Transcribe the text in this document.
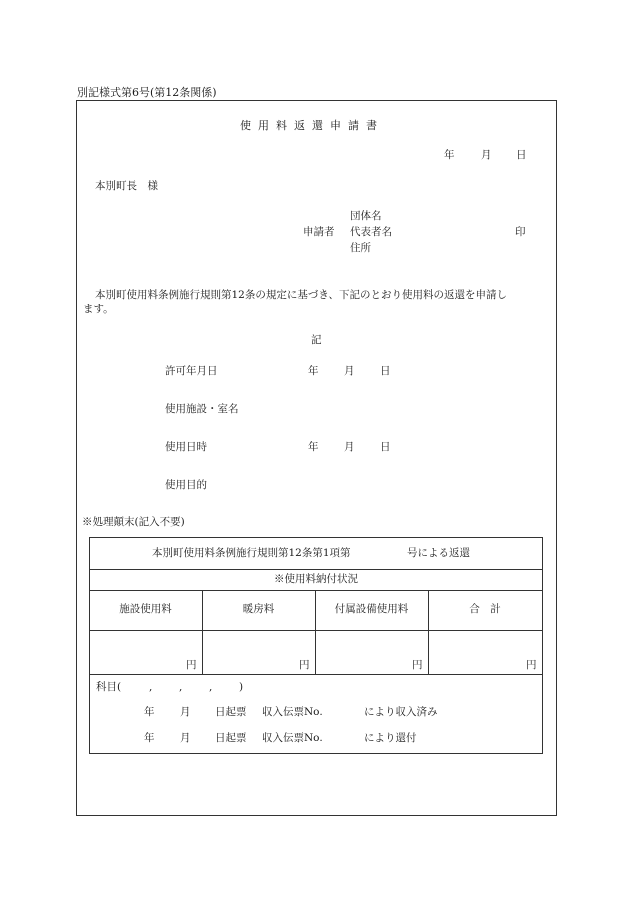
別記様式第6号(第12条関係)
使用料返還申請書
年	月 日
本別町長　様
団体名
申請者 代表者名	印
住所
本別町使用料条例施行規則第12条の規定に基づき、下記のとおり使用料の返還を申請し
ます。
記
許可年月日	年 月 日
使用施設・室名
使用日時	年 月 日
使用目的
※処理顛末(記入不要)
本別町使用料条例施行規則第12条第1項第	号による返還
※使用料納付状況
施設使用料	暖房料	付属設備使用料	合　計
円	円	円	円
科目(	,	,	,	)
年 月 日起票 収入伝票No.	により収入済み
年 月 日起票 収入伝票No.	により還付
